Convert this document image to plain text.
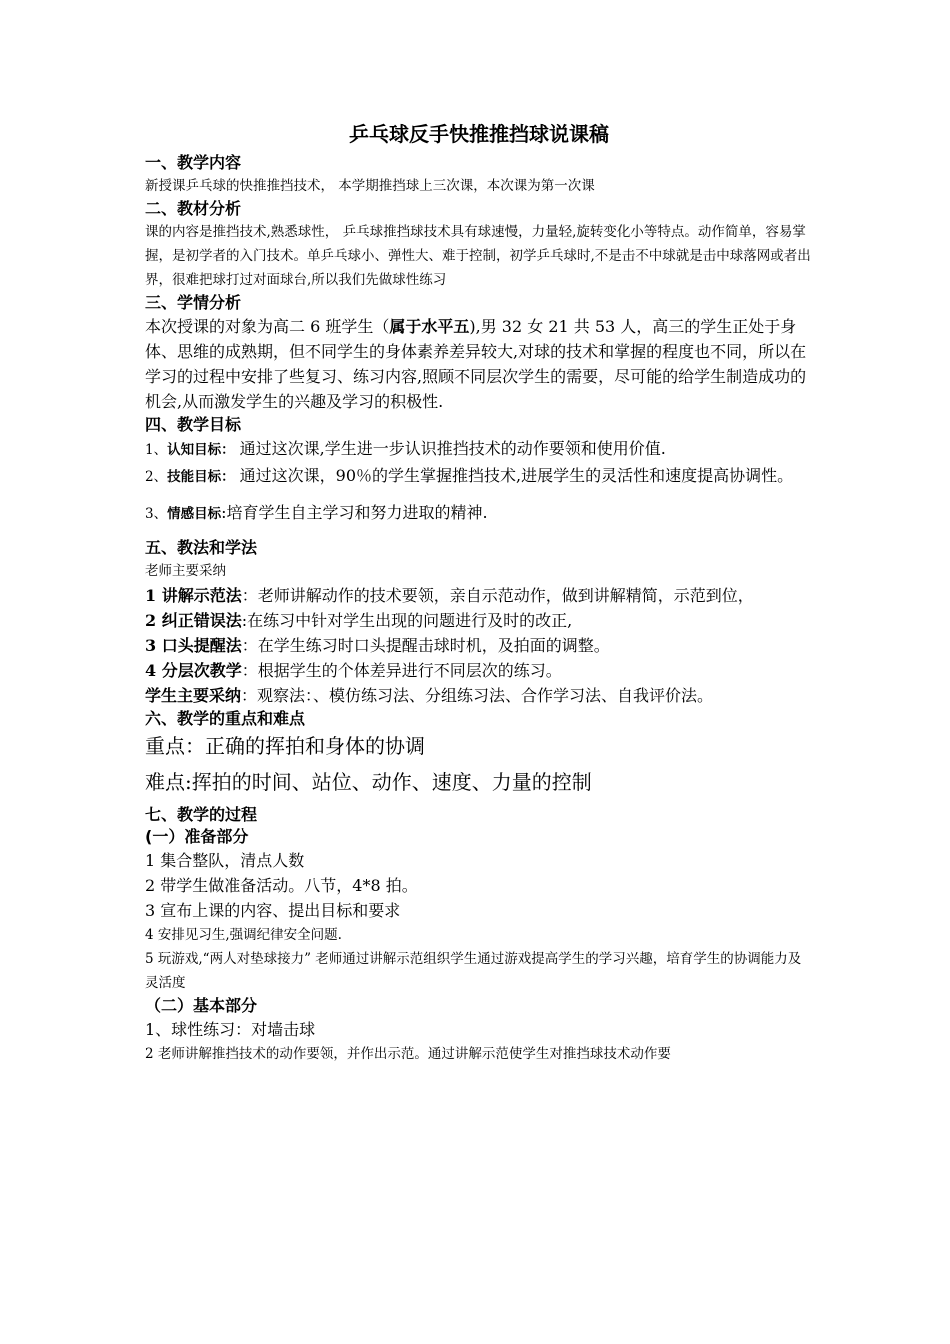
乒乓球反手快推推挡球说课稿
一、教学内容
新授课乒乓球的快推推挡技术， 本学期推挡球上三次课，本次课为第一次课
二、教材分析
课的内容是推挡技术,熟悉球性， 乒乓球推挡球技术具有球速慢，力量轻,旋转变化小等特点。动作简单，容易掌握，是初学者的入门技术。单乒乓球小、弹性大、难于控制，初学乒乓球时,不是击不中球就是击中球落网或者出界，很难把球打过对面球台,所以我们先做球性练习
三、学情分析
本次授课的对象为高二 6 班学生（属于水平五),男 32 女 21 共 53 人，高三的学生正处于身体、思维的成熟期，但不同学生的身体素养差异较大,对球的技术和掌握的程度也不同，所以在学习的过程中安排了些复习、练习内容,照顾不同层次学生的需要，尽可能的给学生制造成功的机会,从而激发学生的兴趣及学习的积极性.
四、教学目标
1、认知目标： 通过这次课,学生进一步认识推挡技术的动作要领和使用价值.
2、技能目标： 通过这次课，90％的学生掌握推挡技术,进展学生的灵活性和速度提高协调性。
3、情感目标:培育学生自主学习和努力进取的精神.
五、教法和学法
老师主要采纳
1 讲解示范法：老师讲解动作的技术要领，亲自示范动作，做到讲解精简，示范到位，
2 纠正错误法:在练习中针对学生出现的问题进行及时的改正,
3 口头提醒法：在学生练习时口头提醒击球时机，及拍面的调整。
4 分层次教学：根据学生的个体差异进行不同层次的练习。
学生主要采纳：观察法：、模仿练习法、分组练习法、合作学习法、自我评价法。
六、教学的重点和难点
重点：正确的挥拍和身体的协调
难点:挥拍的时间、站位、动作、速度、力量的控制
七、教学的过程
(一）准备部分
1 集合整队，清点人数
2 带学生做准备活动。八节，4*8 拍。
3 宣布上课的内容、提出目标和要求
4 安排见习生,强调纪律安全问题.
5 玩游戏,“两人对垫球接力” 老师通过讲解示范组织学生通过游戏提高学生的学习兴趣，培育学生的协调能力及灵活度
（二）基本部分
1、球性练习：对墙击球
2 老师讲解推挡技术的动作要领，并作出示范。通过讲解示范使学生对推挡球技术动作要
